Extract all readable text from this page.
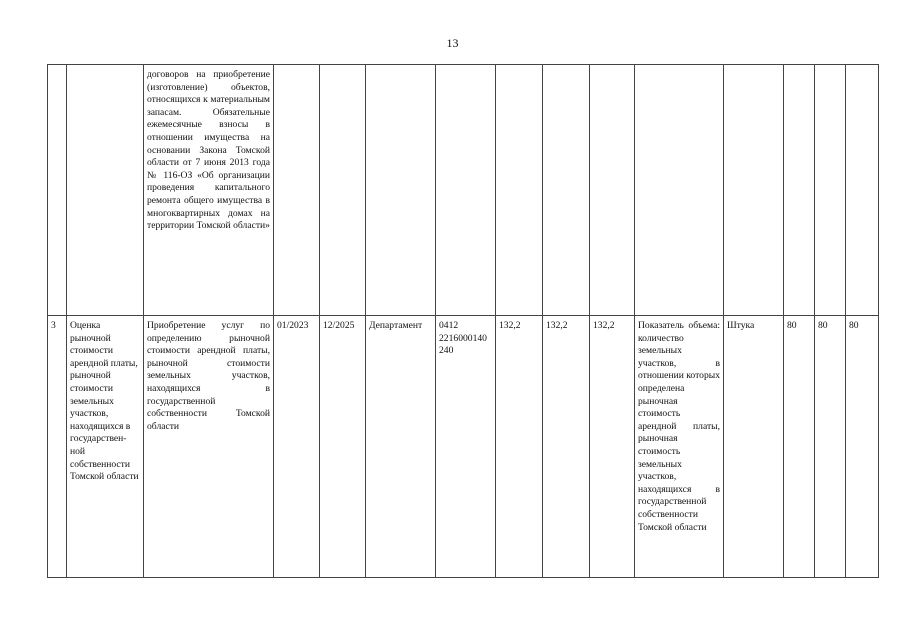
13
		договоров на приобретение (изготовление) объектов, относящихся к материальным запасам. Обязательные ежемесячные взносы в отношении имущества на основании Закона Томской области от 7 июня 2013 года № 116-ОЗ «Об организации проведения капитального ремонта общего имущества в многоквартирных домах на территории Томской области»												
3	Оценка рыночной стоимости арендной платы, рыночной стоимости земельных участков, находящихся в государствен-ной собственности Томской области	Приобретение услуг по определению рыночной стоимости арендной платы, рыночной стоимости земельных участков, находящихся в государственной собственности Томской области	01/2023	12/2025	Департамент	0412 2216000140 240	132,2	132,2	132,2	Показатель объема: количество земельных участков, в отношении которых определена рыночная стоимость арендной платы, рыночная стоимость земельных участков, находящихся в государственной собственности Томской области	Штука	80	80	80
